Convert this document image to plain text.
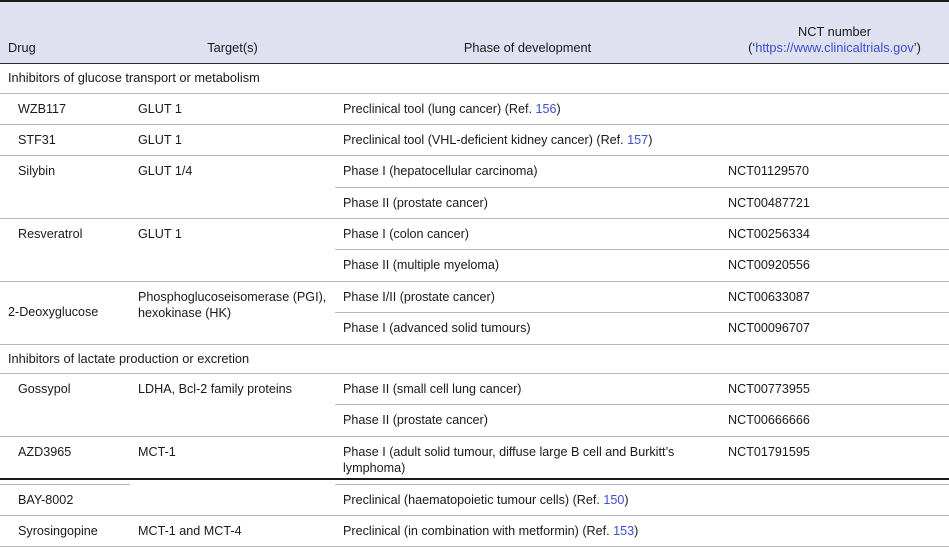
Drug	Target(s)	Phase of development	NCT number
(‘https://www.clinicaltrials.gov’)

Inhibitors of glucose transport or metabolism			
WZB117	GLUT 1	Preclinical tool (lung cancer) (Ref. 156)	
STF31	GLUT 1	Preclinical tool (VHL-deficient kidney cancer) (Ref. 157)	
Silybin	GLUT 1/4	Phase I (hepatocellular carcinoma)	NCT01129570
		Phase II (prostate cancer)	NCT00487721
Resveratrol	GLUT 1	Phase I (colon cancer)	NCT00256334
		Phase II (multiple myeloma)	NCT00920556
2-Deoxyglucose	Phosphoglucoseisomerase (PGI), hexokinase (HK)	Phase I/II (prostate cancer)	NCT00633087
		Phase I (advanced solid tumours)	NCT00096707
Inhibitors of lactate production or excretion			
Gossypol	LDHA, Bcl-2 family proteins	Phase II (small cell lung cancer)	NCT00773955
		Phase II (prostate cancer)	NCT00666666
AZD3965	MCT-1	Phase I (adult solid tumour, diffuse large B cell and Burkitt’s lymphoma)	NCT01791595
BAY-8002		Preclinical (haematopoietic tumour cells) (Ref. 150)	
Syrosingopine	MCT-1 and MCT-4	Preclinical (in combination with metformin) (Ref. 153)	
